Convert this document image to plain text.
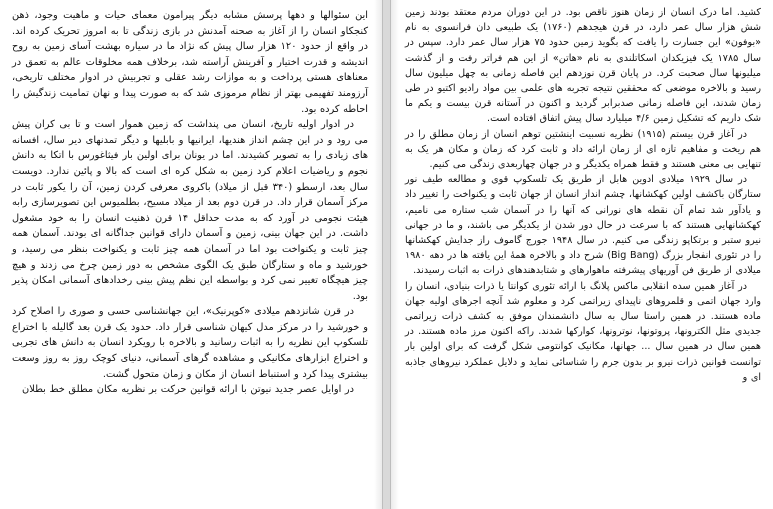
این سئوالها و دهها پرسش مشابه دیگر پیرامون معمای حیات و ماهیت وجود، ذهن کنجکاو انسان را از آغاز به صحنه آمدنش در بازی زندگی تا به امروز تحریک کرده اند. در واقع از حدود ۱۲۰ هزار سال پیش که نژاد ما در سیاره بهشت آسای زمین به روح اندیشه و قدرت اختیار و آفرینش آراسته شد، برخلاف همه مخلوقات عالم به تعمق در معناهای هستی پرداخت و به موازات رشد عقلی و تجربیش در ادوار مختلف تاریخی، آرزومند تفهیمی بهتر از نظام مرموزی شد که به صورت پیدا و نهان تمامیت زندگیش را احاطه کرده بود.

در ادوار اولیه تاریخ، انسان می پنداشت که زمین هموار است و تا بی کران پیش می رود و در این چشم انداز هندیها، ایرانیها و بابلیها و دیگر تمدنهای دیر سال، افسانه های زیادی را به تصویر کشیدند. اما در یونان برای اولین بار فیثاغورس با اتکا به دانش نجوم و ریاضیات اعلام کرد زمین به شکل کره ای است که بالا و پائین ندارد. دویست سال بعد، ارسطو (۳۴۰ قبل از میلاد) باکروی معرفی کردن زمین، آن را یکور ثابت در مرکز آسمان قرار داد. در قرن دوم بعد از میلاد مسیح، بطلمیوس این تصویرسازی رابه هیئت نجومی در آورد که به مدت حداقل ۱۴ قرن ذهنیت انسان را به خود مشغول داشت. در این جهان بینی، زمین و آسمان دارای قوانین جداگانه ای بودند. آسمان همه چیز ثابت و یکنواخت بود اما در آسمان همه چیز ثابت و یکنواخت بنظر می رسید، و خورشید و ماه و ستارگان طبق یک الگوی مشخص به دور زمین چرخ می زدند و هیچ چیز هیچگاه تغییر نمی کرد و بواسطه این نظم پیش بینی رخدادهای آسمانی امکان پذیر بود.

در قرن شانزدهم میلادی «کوپرنیک»، این جهانشناسی حسی و صوری را اصلاح کرد و خورشید را در مرکز مدل کیهان شناسی قرار داد. حدود یک قرن بعد گالیله با اختراع تلسکوپ این نظریه را به اثبات رسانید و بالاخره با رویکرد انسان به دانش های تجربی و اختراع ابزارهای مکانیکی و مشاهده گرهای آسمانی، دنیای کوچک روز به روز وسعت بیشتری پیدا کرد و استنباط انسان از مکان و زمان متحول گشت.

در اوایل عصر جدید نیوتن با ارائه قوانین حرکت بر نظریه مکان مطلق خط بطلان

کشید. اما درک انسان از زمان هنوز ناقص بود. در این دوران مردم معتقد بودند زمین شش هزار سال عمر دارد، در قرن هیجدهم (۱۷۶۰) یک طبیعی دان فرانسوی به نام «بوفون» این جسارت را یافت که بگوید زمین حدود ۷۵ هزار سال عمر دارد. سپس در سال ۱۷۸۵ یک فیزیکدان اسکاتلندی به نام «هاتن» از این هم فراتر رفت و از گذشت میلیونها سال صحبت کرد. در پایان قرن نوزدهم این فاصله زمانی به چهل میلیون سال رسید و بالاخره موضعی که محققین نتیجه تجربه های علمی بین مواد رادیو اکتیو در طی زمان شدند، این فاصله زمانی صدبرابر گردید و اکنون در آستانه قرن بیست و یکم ما شک داریم که تشکیل زمین ۴/۶ میلیارد سال پیش اتفاق افتاده است.

در آغاز قرن بیستم (۱۹۱۵) نظریه نسبیت اینشتین توهم انسان از زمان مطلق را در هم ریخت و مفاهیم تازه ای از زمان ارائه داد و ثابت کرد که زمان و مکان هر یک به تنهایی بی معنی هستند و فقط همراه یکدیگر و در جهان چهاربعدی زندگی می کنیم.

در سال ۱۹۲۹ میلادی ادوین هابل از طریق یک تلسکوپ قوی و مطالعه طیف نور ستارگان باکشف اولین کهکشانها، چشم انداز انسان از جهان ثابت و یکنواخت را تغییر داد و یادآور شد تمام آن نقطه های نورانی که آنها را در آسمان شب ستاره می نامیم، کهکشانهایی هستند که با سرعت در حال دور شدن از یکدیگر می باشند، و ما در جهانی نیرو ستبر و برتکاپو زندگی می کنیم. در سال ۱۹۴۸ جورج گاموف راز جدایش کهکشانها را در تئوری انفجار بزرگ (Big Bang) شرح داد و بالاخره همهٔ این یافته ها در دهه ۱۹۸۰ میلادی از طریق فن آوریهای پیشرفته ماهوارهای و شتابدهندهای ذرات به اثبات رسیدند.

در آغاز همین سده انقلابی ماکس پلانگ با ارائه تئوری کوانتا یا ذرات بنیادی، انسان را وارد جهان اتمی و قلمروهای ناپیدای زیراتمی کرد و معلوم شد آنچه اجرهای اولیه جهان ماده هستند. در همین راستا سال به سال دانشمندان موفق به کشف ذرات زیراتمی جدیدی مثل الکترونها، پروتونها، نوترونها، کوارکها شدند. راکه اکنون مرز ماده هستند. در همین سال در همین سال ... جهانها، مکانیک کوانتومی شکل گرفت که برای اولین بار توانست قوانین ذرات نیرو بر بدون جرم را شناسائی نماید و دلایل عملکرد نیروهای جاذبه ای و
